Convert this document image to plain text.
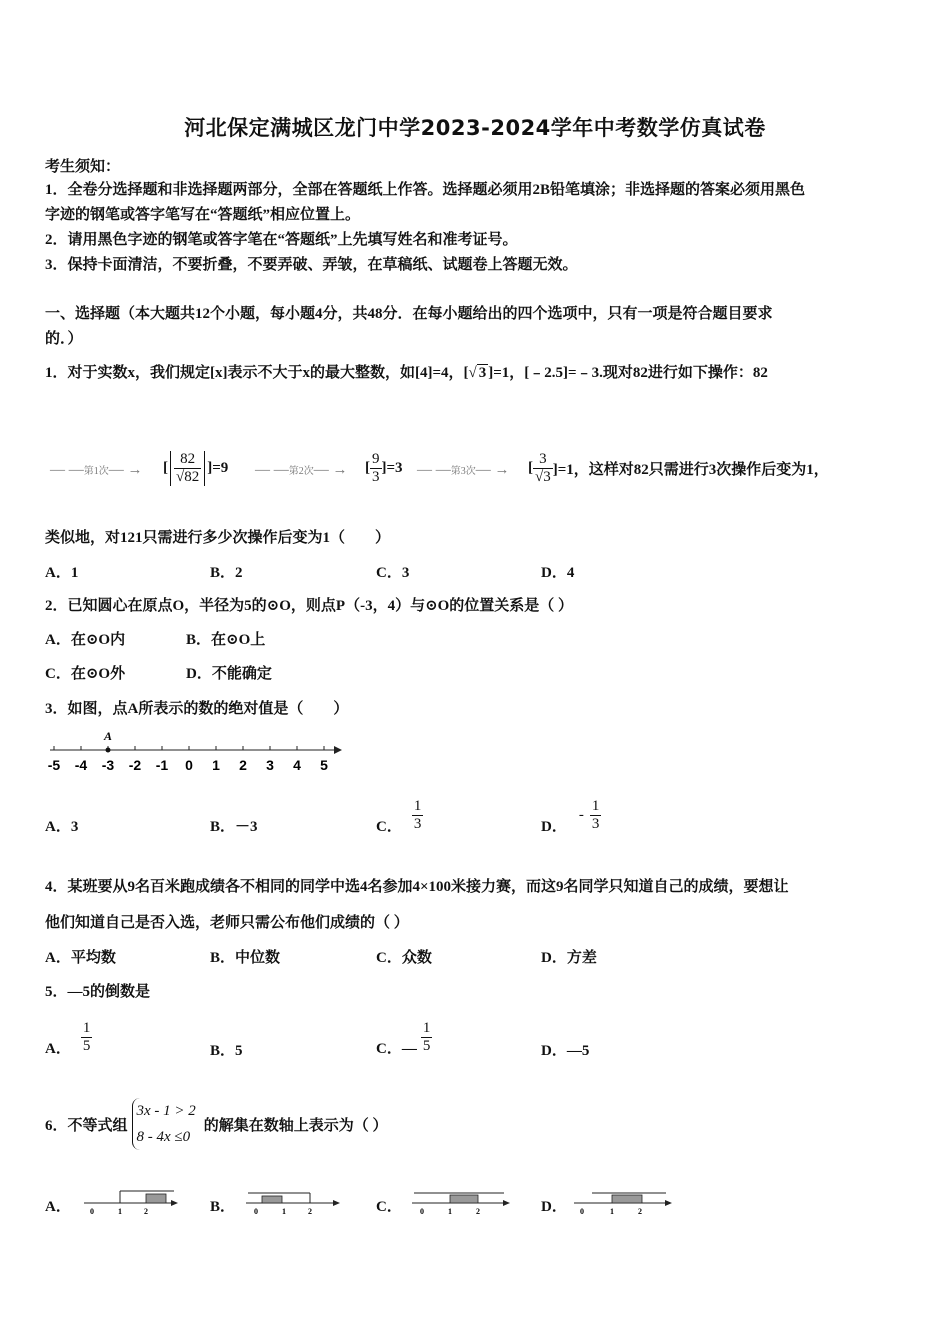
河北保定满城区龙门中学2023-2024学年中考数学仿真试卷
考生须知：
1．全卷分选择题和非选择题两部分，全部在答题纸上作答。选择题必须用2B铅笔填涂；非选择题的答案必须用黑色
字迹的钢笔或答字笔写在“答题纸”相应位置上。
2．请用黑色字迹的钢笔或答字笔在“答题纸”上先填写姓名和准考证号。
3．保持卡面清洁，不要折叠，不要弄破、弄皱，在草稿纸、试题卷上答题无效。
一、选择题（本大题共12个小题，每小题4分，共48分．在每小题给出的四个选项中，只有一项是符合题目要求
的．）
1．对于实数x，我们规定[x]表示不大于x的最大整数，如[4]=4，[√ 3 ]=1，[﹣2.5]=﹣3.现对82进行如下操作：82
— —第1次— →	[ $\frac{82}{√82} ]=9$ — —第2次— →	[ $\frac{9}{3} ]=3$ — —第3次— →	[ $\frac{3}{√3} ]=1$，这样对82只需进行3次操作后变为1，
类似地，对121只需进行多少次操作后变为1（　　）
A．1	B．2	C．3	D．4
2．已知圆心在原点O，半径为5的⊙O，则点P（-3，4）与⊙O的位置关系是（ ）
A．在⊙O内	B．在⊙O上
C．在⊙O外	D．不能确定
3．如图，点A所表示的数的绝对值是（　　）
-5 -4 -3 -2 -1 0 1 2 3 4 5
A
A．3	B．－3	C． $\frac{1}{3}$	D．
- $\frac{1}{3}$
4．某班要从9名百米跑成绩各不相同的同学中选4名参加4×100米接力赛，而这9名同学只知道自己的成绩，要想让
他们知道自己是否入选，老师只需公布他们成绩的（ ）
A．平均数	B．中位数	C．众数	D．方差
5．—5的倒数是
A． $\frac{1}{5}$	B．5	C．— $\frac{1}{5}$	D．—5
6．不等式组
3x - 1 > 2
8 - 4x ≤0
的解集在数轴上表示为（ ）
A． 0	1	2	B． 0	1	2	C． 0	1	2	D． 0	1	2
